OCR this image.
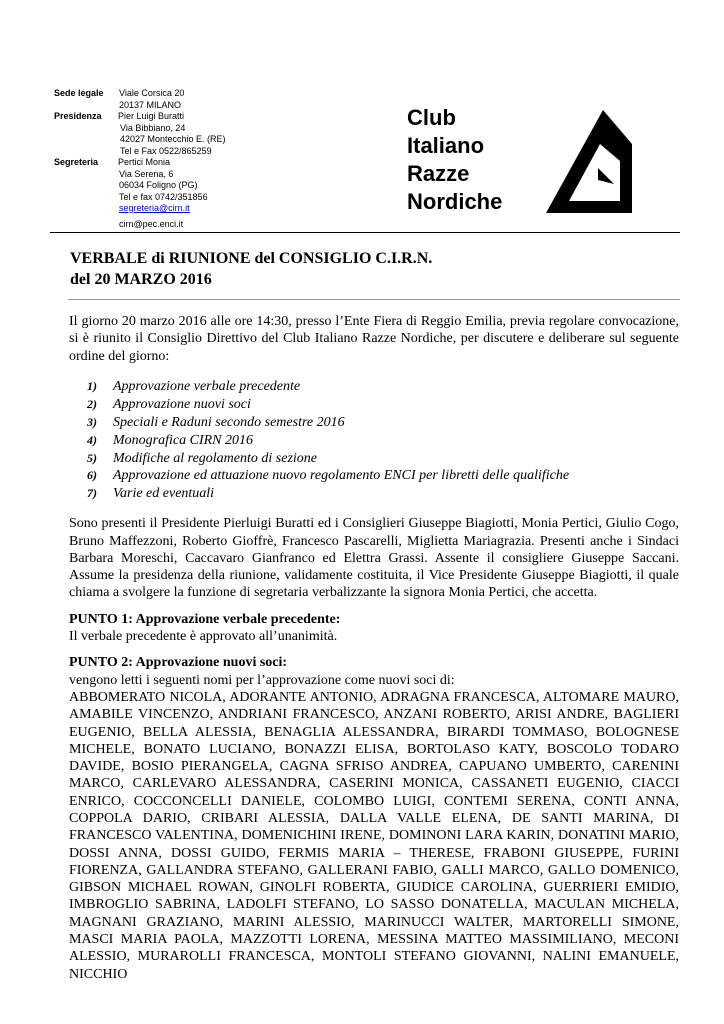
Sede legale Viale Corsica 20
20137 MILANO
Presidenza Pier Luigi Buratti
Via Bibbiano, 24
42027 Montecchio E. (RE)
Tel e Fax 0522/865259
Segreteria Pertici Monia
Via Serena, 6
06034 Foligno (PG)
Tel e fax 0742/351856
segreteria@cirn.it
cirn@pec.enci.it
Club
Italiano
Razze
Nordiche
VERBALE di RIUNIONE del CONSIGLIO C.I.R.N.
del 20 MARZO 2016

Il giorno 20 marzo 2016 alle ore 14:30, presso l’Ente Fiera di Reggio Emilia, previa regolare convocazione, si è riunito il Consiglio Direttivo del Club Italiano Razze Nordiche, per discutere e deliberare sul seguente ordine del giorno:

1) Approvazione verbale precedente
2) Approvazione nuovi soci
3) Speciali e Raduni secondo semestre 2016
4) Monografica CIRN 2016
5) Modifiche al regolamento di sezione
6) Approvazione ed attuazione nuovo regolamento ENCI per libretti delle qualifiche
7) Varie ed eventuali

Sono presenti il Presidente Pierluigi Buratti ed i Consiglieri Giuseppe Biagiotti, Monia Pertici, Giulio Cogo, Bruno Maffezzoni, Roberto Gioffrè, Francesco Pascarelli, Miglietta Mariagrazia. Presenti anche i Sindaci Barbara Moreschi, Caccavaro Gianfranco ed Elettra Grassi. Assente il consigliere Giuseppe Saccani. Assume la presidenza della riunione, validamente costituita, il Vice Presidente Giuseppe Biagiotti, il quale chiama a svolgere la funzione di segretaria verbalizzante la signora Monia Pertici, che accetta.

PUNTO 1: Approvazione verbale precedente:

Il verbale precedente è approvato all’unanimità.

PUNTO 2: Approvazione nuovi soci:

vengono letti i seguenti nomi per l’approvazione come nuovi soci di:

ABBOMERATO NICOLA, ADORANTE ANTONIO, ADRAGNA FRANCESCA, ALTOMARE MAURO, AMABILE VINCENZO, ANDRIANI FRANCESCO, ANZANI ROBERTO, ARISI ANDRE, BAGLIERI EUGENIO, BELLA ALESSIA, BENAGLIA ALESSANDRA, BIRARDI TOMMASO, BOLOGNESE MICHELE, BONATO LUCIANO, BONAZZI ELISA, BORTOLASO KATY, BOSCOLO TODARO DAVIDE, BOSIO PIERANGELA, CAGNA SFRISO ANDREA, CAPUANO UMBERTO, CARENINI MARCO, CARLEVARO ALESSANDRA, CASERINI MONICA, CASSANETI EUGENIO, CIACCI ENRICO, COCCONCELLI DANIELE, COLOMBO LUIGI, CONTEMI SERENA, CONTI ANNA, COPPOLA DARIO, CRIBARI ALESSIA, DALLA VALLE ELENA, DE SANTI MARINA, DI FRANCESCO VALENTINA, DOMENICHINI IRENE, DOMINONI LARA KARIN, DONATINI MARIO, DOSSI ANNA, DOSSI GUIDO, FERMIS MARIA – THERESE, FRABONI GIUSEPPE, FURINI FIORENZA, GALLANDRA STEFANO, GALLERANI FABIO, GALLI MARCO, GALLO DOMENICO, GIBSON MICHAEL ROWAN, GINOLFI ROBERTA, GIUDICE CAROLINA, GUERRIERI EMIDIO, IMBROGLIO SABRINA, LADOLFI STEFANO, LO SASSO DONATELLA, MACULAN MICHELA, MAGNANI GRAZIANO, MARINI ALESSIO, MARINUCCI WALTER, MARTORELLI SIMONE, MASCI MARIA PAOLA, MAZZOTTI LORENA, MESSINA MATTEO MASSIMILIANO, MECONI ALESSIO, MURAROLLI FRANCESCA, MONTOLI STEFANO GIOVANNI, NALINI EMANUELE, NICCHIO
